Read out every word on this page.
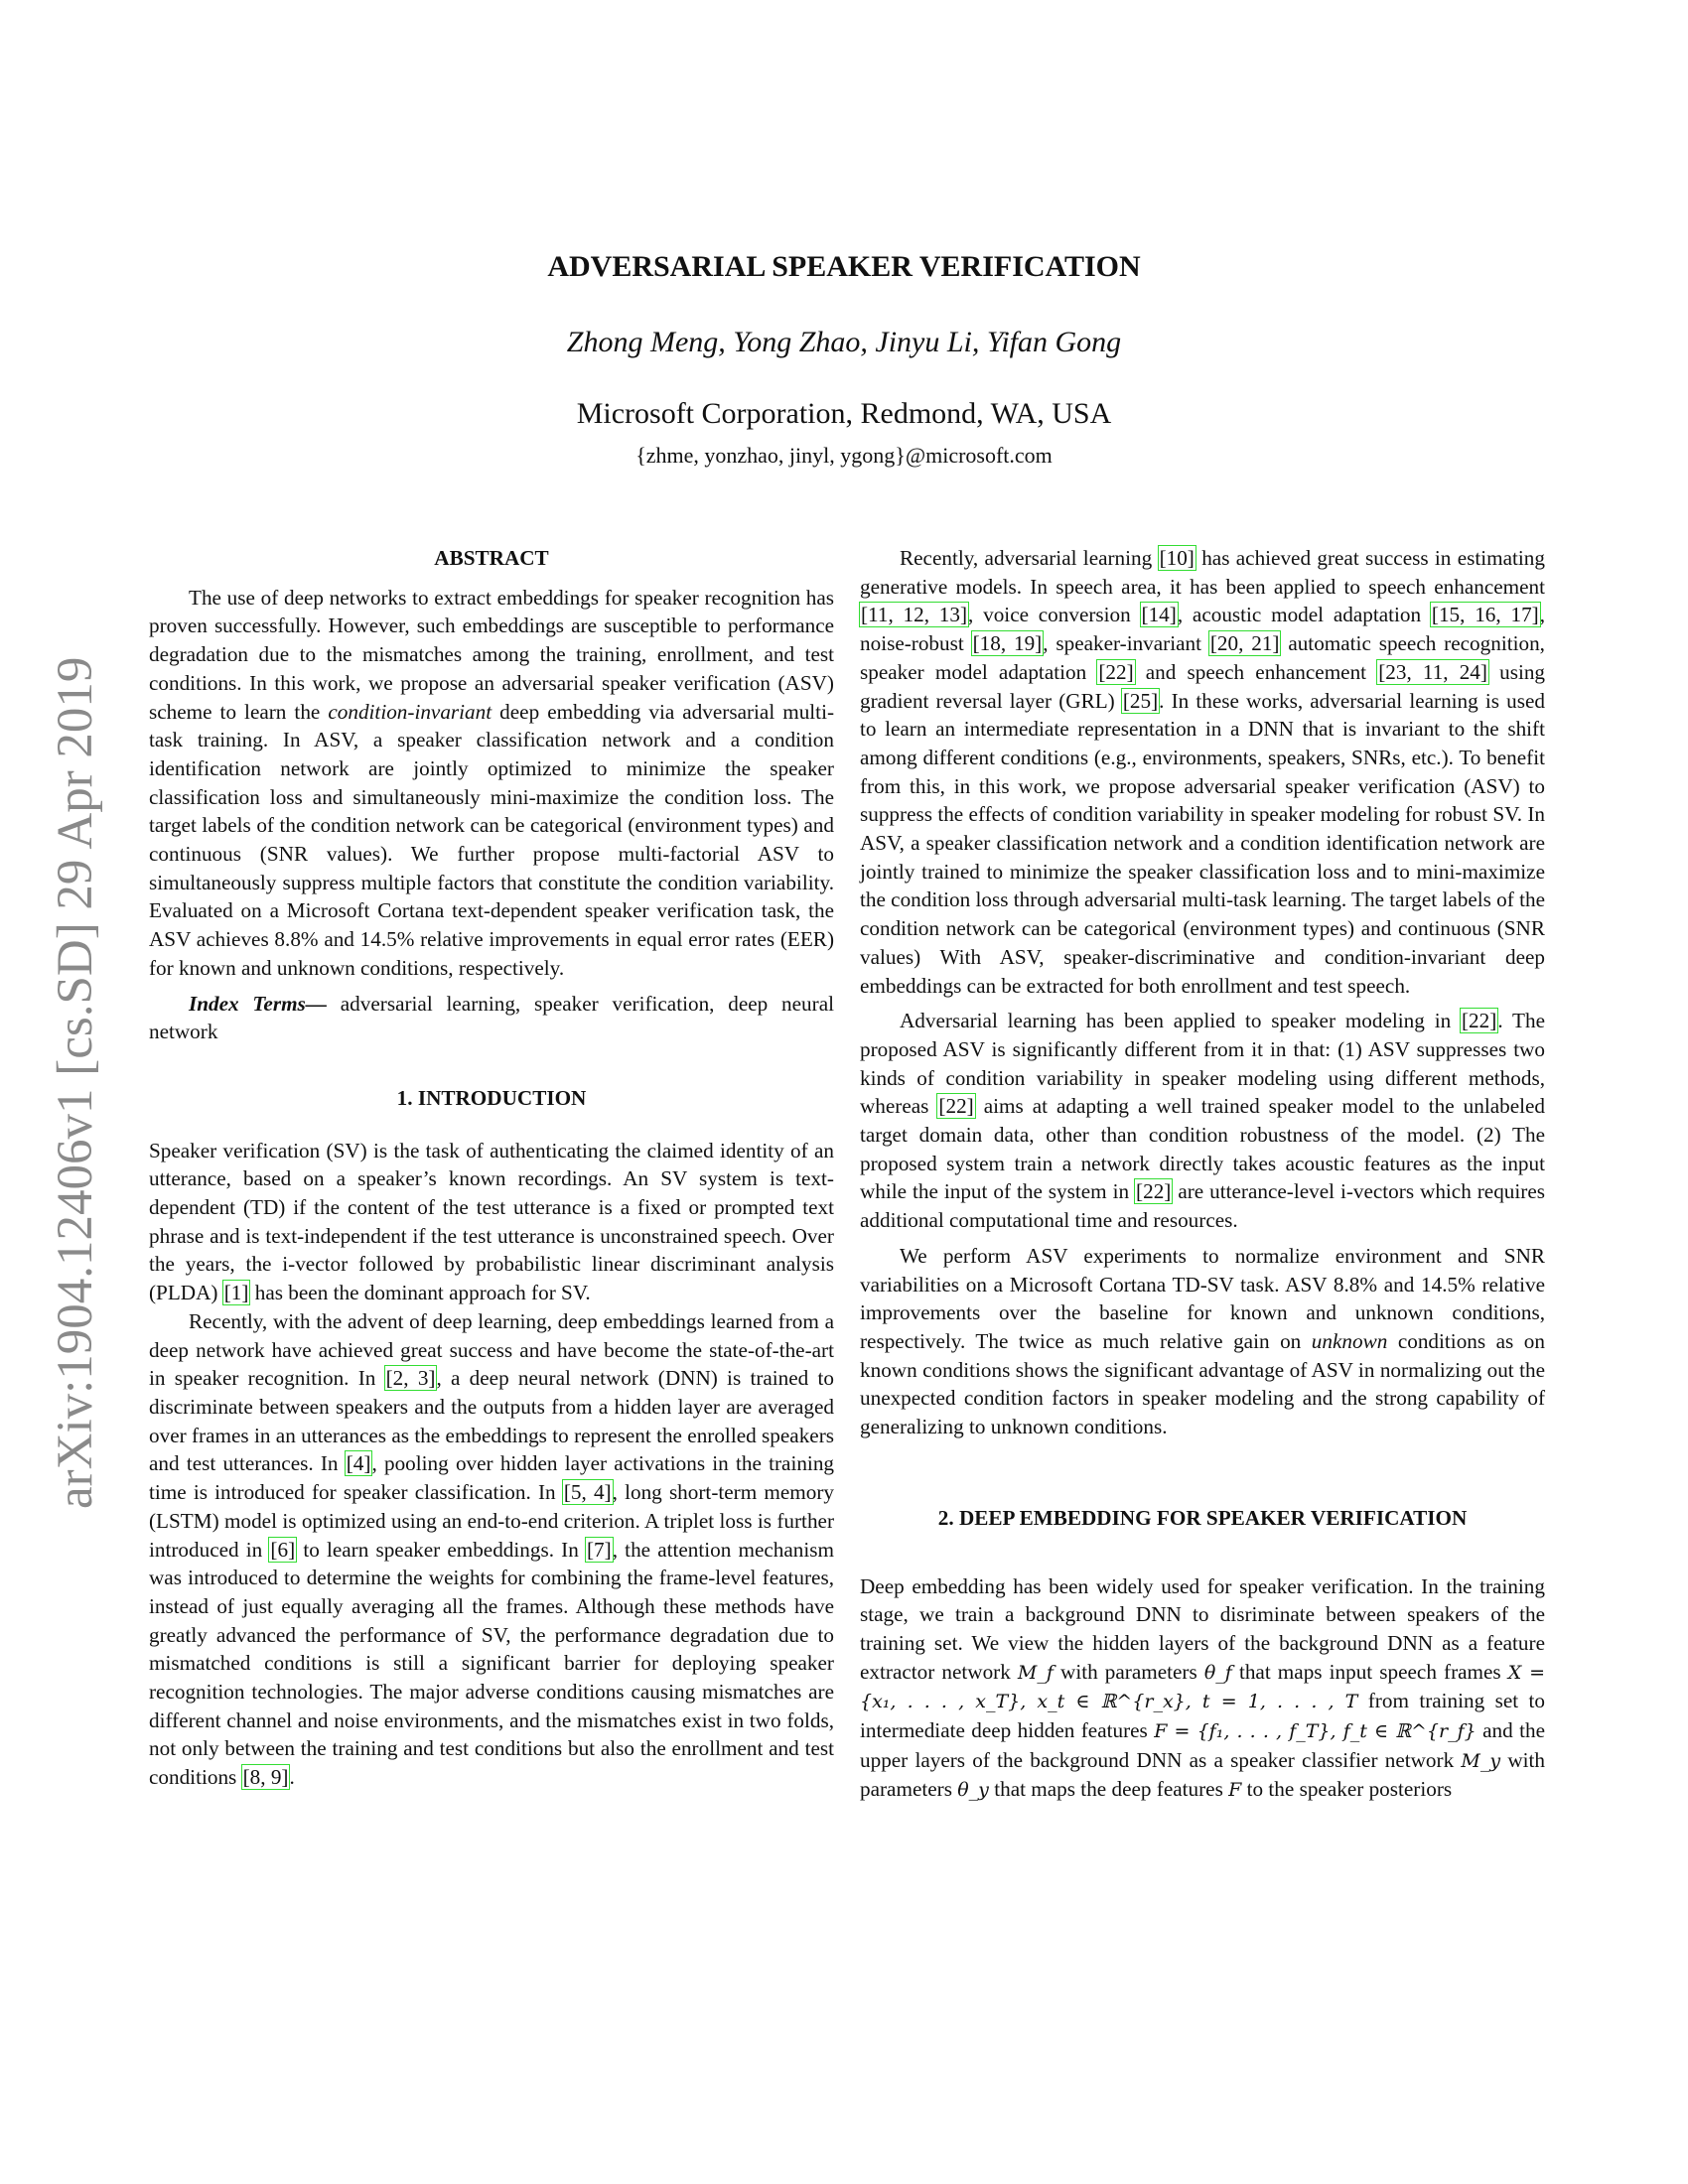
arXiv:1904.12406v1 [cs.SD] 29 Apr 2019
ADVERSARIAL SPEAKER VERIFICATION
Zhong Meng, Yong Zhao, Jinyu Li, Yifan Gong
Microsoft Corporation, Redmond, WA, USA
{zhme, yonzhao, jinyl, ygong}@microsoft.com
ABSTRACT

The use of deep networks to extract embeddings for speaker recognition has proven successfully. However, such embeddings are susceptible to performance degradation due to the mismatches among the training, enrollment, and test conditions. In this work, we propose an adversarial speaker verification (ASV) scheme to learn the condition-invariant deep embedding via adversarial multi-task training. In ASV, a speaker classification network and a condition identification network are jointly optimized to minimize the speaker classification loss and simultaneously mini-maximize the condition loss. The target labels of the condition network can be categorical (environment types) and continuous (SNR values). We further propose multi-factorial ASV to simultaneously suppress multiple factors that constitute the condition variability. Evaluated on a Microsoft Cortana text-dependent speaker verification task, the ASV achieves 8.8% and 14.5% relative improvements in equal error rates (EER) for known and unknown conditions, respectively.

Index Terms— adversarial learning, speaker verification, deep neural network

1. INTRODUCTION

Speaker verification (SV) is the task of authenticating the claimed identity of an utterance, based on a speaker’s known recordings. An SV system is text-dependent (TD) if the content of the test utterance is a fixed or prompted text phrase and is text-independent if the test utterance is unconstrained speech. Over the years, the i-vector followed by probabilistic linear discriminant analysis (PLDA) [1] has been the dominant approach for SV.

Recently, with the advent of deep learning, deep embeddings learned from a deep network have achieved great success and have become the state-of-the-art in speaker recognition. In [2, 3], a deep neural network (DNN) is trained to discriminate between speakers and the outputs from a hidden layer are averaged over frames in an utterances as the embeddings to represent the enrolled speakers and test utterances. In [4], pooling over hidden layer activations in the training time is introduced for speaker classification. In [5, 4], long short-term memory (LSTM) model is optimized using an end-to-end criterion. A triplet loss is further introduced in [6] to learn speaker embeddings. In [7], the attention mechanism was introduced to determine the weights for combining the frame-level features, instead of just equally averaging all the frames. Although these methods have greatly advanced the performance of SV, the performance degradation due to mismatched conditions is still a significant barrier for deploying speaker recognition technologies. The major adverse conditions causing mismatches are different channel and noise environments, and the mismatches exist in two folds, not only between the training and test conditions but also the enrollment and test conditions [8, 9].

Recently, adversarial learning [10] has achieved great success in estimating generative models. In speech area, it has been applied to speech enhancement [11, 12, 13], voice conversion [14], acoustic model adaptation [15, 16, 17], noise-robust [18, 19], speaker-invariant [20, 21] automatic speech recognition, speaker model adaptation [22] and speech enhancement [23, 11, 24] using gradient reversal layer (GRL) [25]. In these works, adversarial learning is used to learn an intermediate representation in a DNN that is invariant to the shift among different conditions (e.g., environments, speakers, SNRs, etc.). To benefit from this, in this work, we propose adversarial speaker verification (ASV) to suppress the effects of condition variability in speaker modeling for robust SV. In ASV, a speaker classification network and a condition identification network are jointly trained to minimize the speaker classification loss and to mini-maximize the condition loss through adversarial multi-task learning. The target labels of the condition network can be categorical (environment types) and continuous (SNR values) With ASV, speaker-discriminative and condition-invariant deep embeddings can be extracted for both enrollment and test speech.

Adversarial learning has been applied to speaker modeling in [22]. The proposed ASV is significantly different from it in that: (1) ASV suppresses two kinds of condition variability in speaker modeling using different methods, whereas [22] aims at adapting a well trained speaker model to the unlabeled target domain data, other than condition robustness of the model. (2) The proposed system train a network directly takes acoustic features as the input while the input of the system in [22] are utterance-level i-vectors which requires additional computational time and resources.

We perform ASV experiments to normalize environment and SNR variabilities on a Microsoft Cortana TD-SV task. ASV 8.8% and 14.5% relative improvements over the baseline for known and unknown conditions, respectively. The twice as much relative gain on unknown conditions as on known conditions shows the significant advantage of ASV in normalizing out the unexpected condition factors in speaker modeling and the strong capability of generalizing to unknown conditions.

2. DEEP EMBEDDING FOR SPEAKER VERIFICATION

Deep embedding has been widely used for speaker verification. In the training stage, we train a background DNN to disriminate between speakers of the training set. We view the hidden layers of the background DNN as a feature extractor network M_f with parameters θ_f that maps input speech frames X = {x₁, . . . , x_T}, x_t ∈ ℝ^{r_x}, t = 1, . . . , T from training set to intermediate deep hidden features F = {f₁, . . . , f_T}, f_t ∈ ℝ^{r_f} and the upper layers of the background DNN as a speaker classifier network M_y with parameters θ_y that maps the deep features F to the speaker posteriors
